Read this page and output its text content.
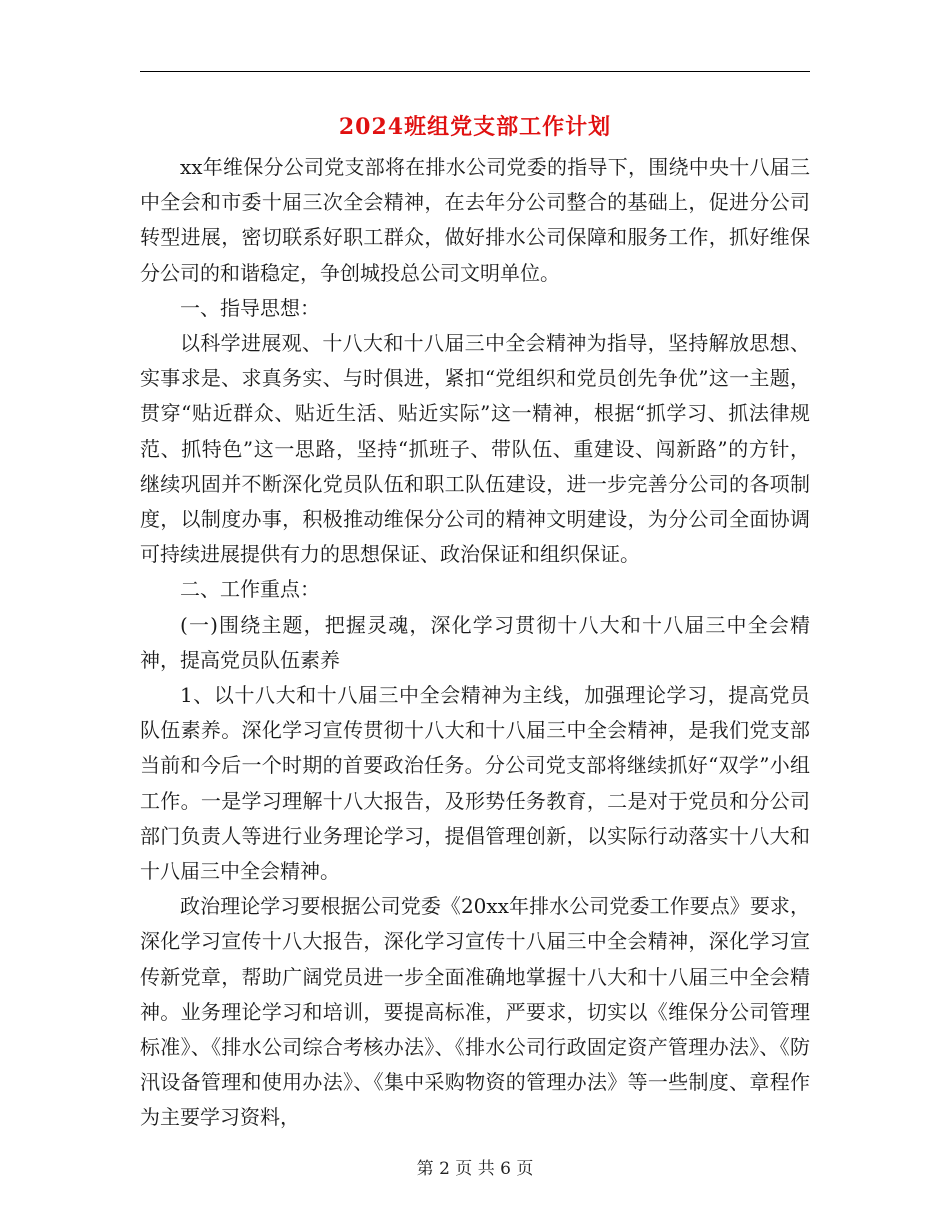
2024班组党支部工作计划

xx年维保分公司党支部将在排水公司党委的指导下，围绕中央十八届三中全会和市委十届三次全会精神，在去年分公司整合的基础上，促进分公司转型进展，密切联系好职工群众，做好排水公司保障和服务工作，抓好维保分公司的和谐稳定，争创城投总公司文明单位。

一、指导思想：

以科学进展观、十八大和十八届三中全会精神为指导，坚持解放思想、实事求是、求真务实、与时俱进，紧扣“党组织和党员创先争优”这一主题，贯穿“贴近群众、贴近生活、贴近实际”这一精神，根据“抓学习、抓法律规范、抓特色”这一思路，坚持“抓班子、带队伍、重建设、闯新路”的方针，继续巩固并不断深化党员队伍和职工队伍建设，进一步完善分公司的各项制度，以制度办事，积极推动维保分公司的精神文明建设，为分公司全面协调可持续进展提供有力的思想保证、政治保证和组织保证。

二、工作重点：

(一)围绕主题，把握灵魂，深化学习贯彻十八大和十八届三中全会精神，提高党员队伍素养

1、以十八大和十八届三中全会精神为主线，加强理论学习，提高党员队伍素养。深化学习宣传贯彻十八大和十八届三中全会精神，是我们党支部当前和今后一个时期的首要政治任务。分公司党支部将继续抓好“双学”小组工作。一是学习理解十八大报告，及形势任务教育，二是对于党员和分公司部门负责人等进行业务理论学习，提倡管理创新，以实际行动落实十八大和十八届三中全会精神。

政治理论学习要根据公司党委《20xx年排水公司党委工作要点》要求，深化学习宣传十八大报告，深化学习宣传十八届三中全会精神，深化学习宣传新党章，帮助广阔党员进一步全面准确地掌握十八大和十八届三中全会精神。业务理论学习和培训，要提高标准，严要求，切实以《维保分公司管理标准》、《排水公司综合考核办法》、《排水公司行政固定资产管理办法》、《防汛设备管理和使用办法》、《集中采购物资的管理办法》等一些制度、章程作为主要学习资料，

第 2 页 共 6 页
